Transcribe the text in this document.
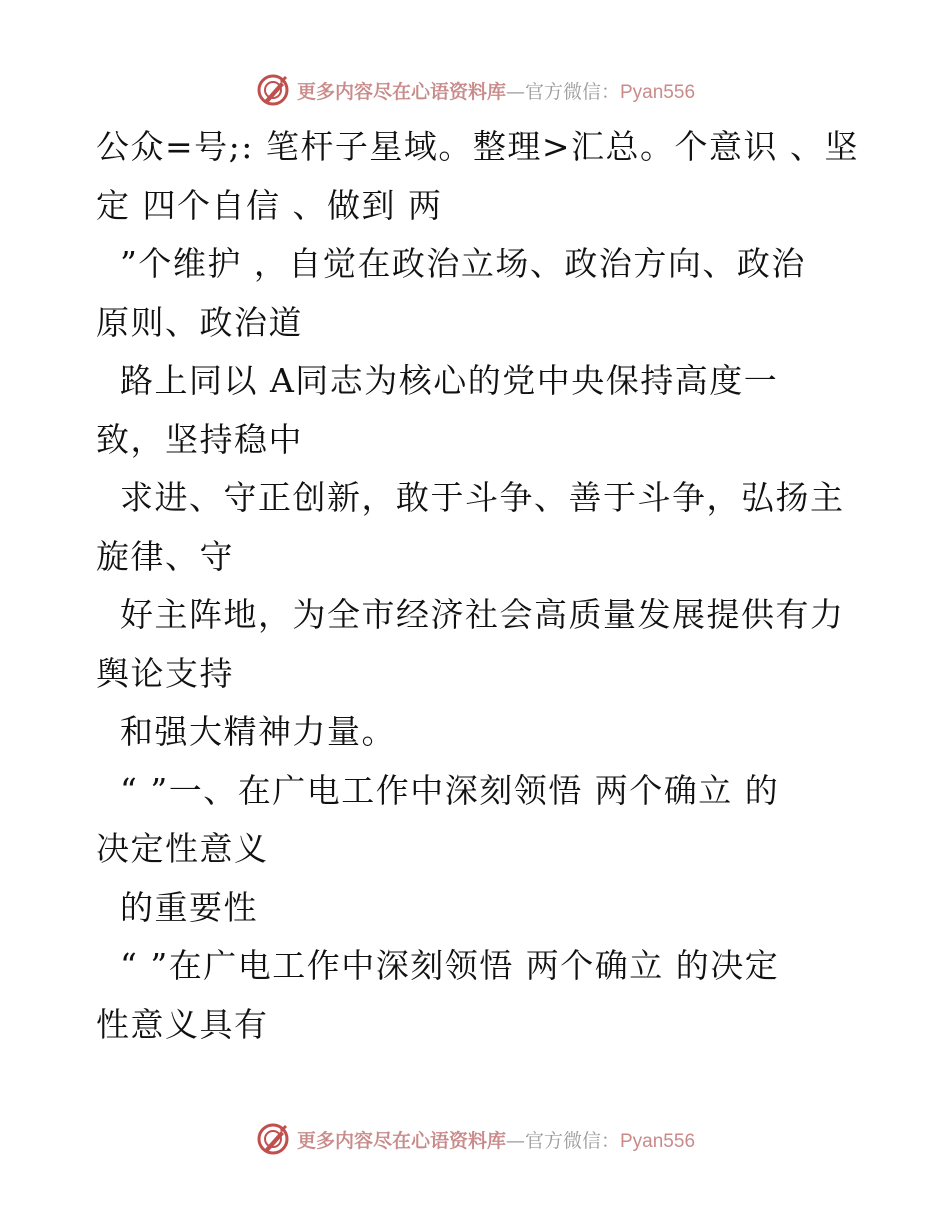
更多内容尽在心语资料库—官方微信：Pyan556
公众=号;: 笔杆子星域。整理>汇总。个意识 、坚
定 四个自信 、做到 两
”个维护 ，自觉在政治立场、政治方向、政治
原则、政治道
路上同以 A同志为核心的党中央保持高度一
致，坚持稳中
求进、守正创新，敢于斗争、善于斗争，弘扬主
旋律、守
好主阵地，为全市经济社会高质量发展提供有力
舆论支持
和强大精神力量。
“ ”一、在广电工作中深刻领悟 两个确立 的
决定性意义
的重要性
“ ”在广电工作中深刻领悟 两个确立 的决定
性意义具有
更多内容尽在心语资料库—官方微信：Pyan556
